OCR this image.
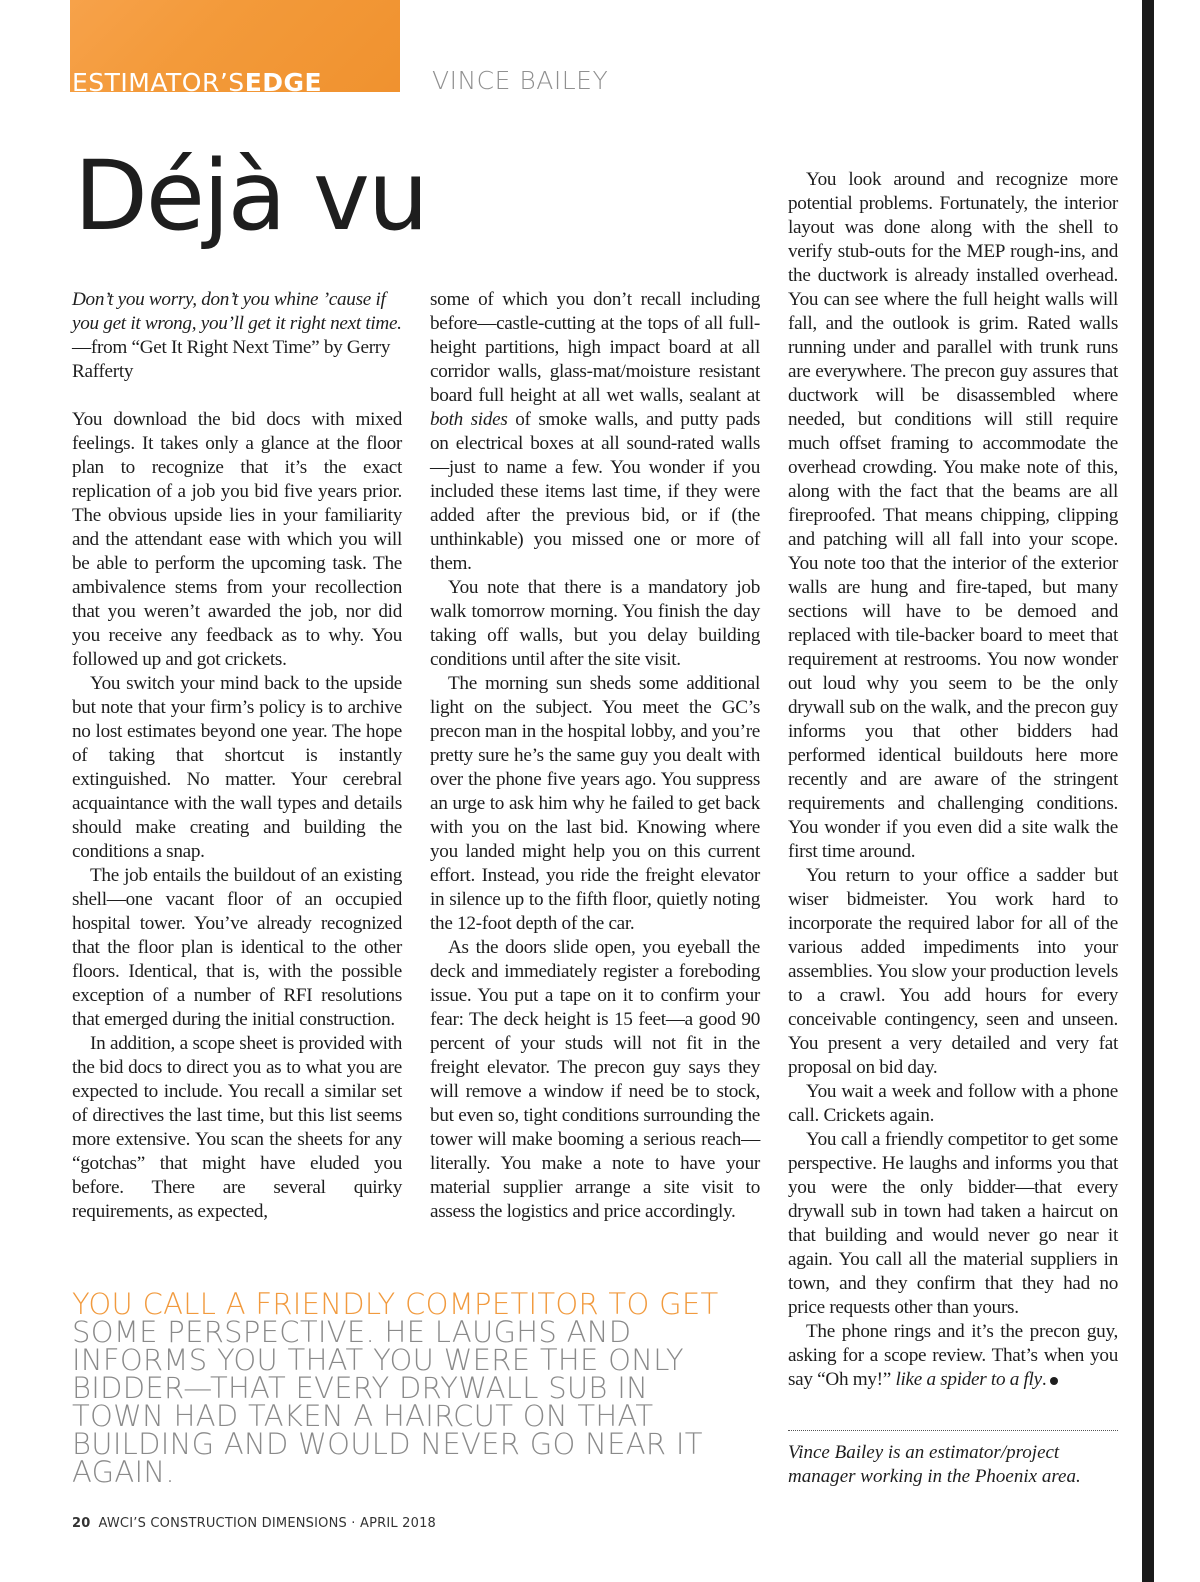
ESTIMATOR’SEDGE	VINCE BAILEY
Déjà vu

Don’t you worry, don’t you whine ’cause if you get it wrong, you’ll get it right next time.—from “Get It Right Next Time” by Gerry Rafferty

You download the bid docs with mixed feelings. It takes only a glance at the floor plan to recognize that it’s the exact replication of a job you bid five years prior. The obvious upside lies in your familiarity and the attendant ease with which you will be able to perform the upcoming task. The ambivalence stems from your recollection that you weren’t awarded the job, nor did you receive any feedback as to why. You followed up and got crickets.

You switch your mind back to the upside but note that your firm’s policy is to archive no lost estimates beyond one year. The hope of taking that shortcut is instantly extinguished. No matter. Your cerebral acquaintance with the wall types and details should make creating and building the conditions a snap.

The job entails the buildout of an existing shell—one vacant floor of an occupied hospital tower. You’ve already recognized that the floor plan is identical to the other floors. Identical, that is, with the possible exception of a number of RFI resolutions that emerged during the initial construction.

In addition, a scope sheet is provided with the bid docs to direct you as to what you are expected to include. You recall a similar set of directives the last time, but this list seems more extensive. You scan the sheets for any “gotchas” that might have eluded you before. There are several quirky requirements, as expected,

some of which you don’t recall including before—castle-cutting at the tops of all full-height partitions, high impact board at all corridor walls, glass-mat/moisture resistant board full height at all wet walls, sealant at both sides of smoke walls, and putty pads on electrical boxes at all sound-rated walls—just to name a few. You wonder if you included these items last time, if they were added after the previous bid, or if (the unthinkable) you missed one or more of them.

You note that there is a mandatory job walk tomorrow morning. You finish the day taking off walls, but you delay building conditions until after the site visit.

The morning sun sheds some additional light on the subject. You meet the GC’s precon man in the hospital lobby, and you’re pretty sure he’s the same guy you dealt with over the phone five years ago. You suppress an urge to ask him why he failed to get back with you on the last bid. Knowing where you landed might help you on this current effort. Instead, you ride the freight elevator in silence up to the fifth floor, quietly noting the 12-foot depth of the car.

As the doors slide open, you eyeball the deck and immediately register a foreboding issue. You put a tape on it to confirm your fear: The deck height is 15 feet—a good 90 percent of your studs will not fit in the freight elevator. The precon guy says they will remove a window if need be to stock, but even so, tight conditions surrounding the tower will make booming a serious reach—literally. You make a note to have your material supplier arrange a site visit to assess the logistics and price accordingly.

You look around and recognize more potential problems. Fortunately, the interior layout was done along with the shell to verify stub-outs for the MEP rough-ins, and the ductwork is already installed overhead. You can see where the full height walls will fall, and the outlook is grim. Rated walls running under and parallel with trunk runs are everywhere. The precon guy assures that ductwork will be disassembled where needed, but conditions will still require much offset framing to accommodate the overhead crowding. You make note of this, along with the fact that the beams are all fireproofed. That means chipping, clipping and patching will all fall into your scope. You note too that the interior of the exterior walls are hung and fire-taped, but many sections will have to be demoed and replaced with tile-backer board to meet that requirement at restrooms. You now wonder out loud why you seem to be the only drywall sub on the walk, and the precon guy informs you that other bidders had performed identical buildouts here more recently and are aware of the stringent requirements and challenging conditions. You wonder if you even did a site walk the first time around.

You return to your office a sadder but wiser bidmeister. You work hard to incorporate the required labor for all of the various added impediments into your assemblies. You slow your production levels to a crawl. You add hours for every conceivable contingency, seen and unseen. You present a very detailed and very fat proposal on bid day.

You wait a week and follow with a phone call. Crickets again.

You call a friendly competitor to get some perspective. He laughs and informs you that you were the only bidder—that every drywall sub in town had taken a haircut on that building and would never go near it again. You call all the material suppliers in town, and they confirm that they had no price requests other than yours.

The phone rings and it’s the precon guy, asking for a scope review. That’s when you say “Oh my!” like a spider to a fly.

YOU CALL A FRIENDLY COMPETITOR TO GET SOME PERSPECTIVE. HE LAUGHS AND INFORMS YOU THAT YOU WERE THE ONLY BIDDER—THAT EVERY DRYWALL SUB IN TOWN HAD TAKEN A HAIRCUT ON THAT BUILDING AND WOULD NEVER GO NEAR IT AGAIN.
Vince Bailey is an estimator/project manager working in the Phoenix area.
20 AWCI’S CONSTRUCTION DIMENSIONS · APRIL 2018
